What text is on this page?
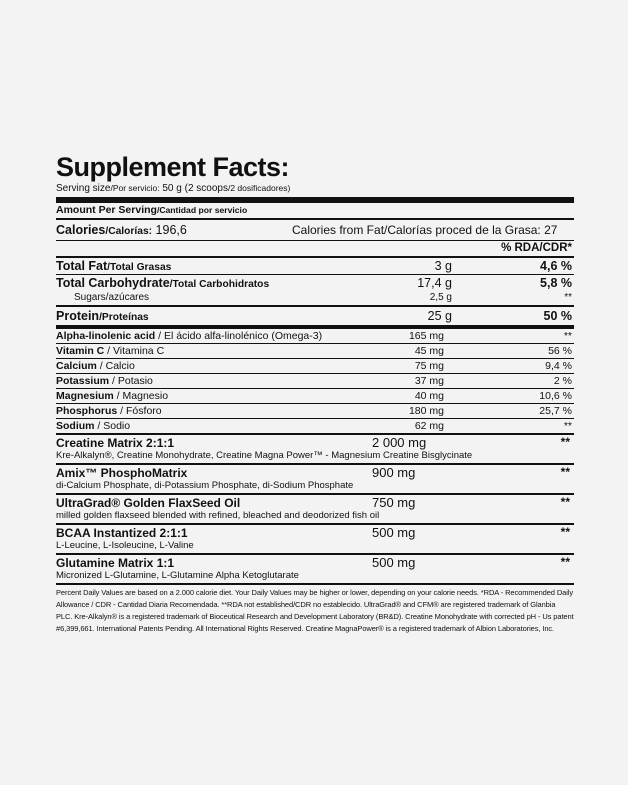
Supplement Facts:
Serving size/Por servicio: 50 g (2 scoops/2 dosificadores)
Amount Per Serving/Cantidad por servicio
Calories/Calorías: 196,6	Calories from Fat/Calorías proced de la Grasa: 27
% RDA/CDR*
Total Fat/Total Grasas	3 g	4,6 %
Total Carbohydrate/Total Carbohidratos	17,4 g	5,8 %
Sugars/azúcares	2,5 g	**
Protein/Proteínas	25 g	50 %
Alpha-linolenic acid / El ácido alfa-linolénico (Omega-3)	165 mg	**
Vitamin C / Vitamina C	45 mg	56 %
Calcium / Calcio	75 mg	9,4 %
Potassium / Potasio	37 mg	2 %
Magnesium / Magnesio	40 mg	10,6 %
Phosphorus / Fósforo	180 mg	25,7 %
Sodium / Sodio	62 mg	**
Creatine Matrix 2:1:1	2 000 mg	**
Kre-Alkalyn®, Creatine Monohydrate, Creatine Magna Power™ - Magnesium Creatine Bisglycinate
Amix™ PhosphoMatrix	900 mg	**
di-Calcium Phosphate, di-Potassium Phosphate, di-Sodium Phosphate
UltraGrad® Golden FlaxSeed Oil	750 mg	**
milled golden flaxseed blended with refined, bleached and deodorized fish oil
BCAA Instantized 2:1:1	500 mg	**
L-Leucine, L-Isoleucine, L-Valine
Glutamine Matrix 1:1	500 mg	**
Micronized L-Glutamine, L-Glutamine Alpha Ketoglutarate
Percent Daily Values are based on a 2.000 calorie diet. Your Daily Values may be higher or lower, depending on your calorie needs. *RDA - Recommended Daily
Allowance / CDR - Cantidad Diaria Recomendada. **RDA not established/CDR no establecido. UltraGrad® and CFM® are registered trademark of Glanbia
PLC. Kre-Alkalyn® is a registered trademark of Bioceutical Research and Development Laboratory (BR&D). Creatine Monohydrate with corrected pH - Us patent
#6,399,661. International Patents Pending. All International Rights Reserved. Creatine MagnaPower® is a registered trademark of Albion Laboratories, Inc.
